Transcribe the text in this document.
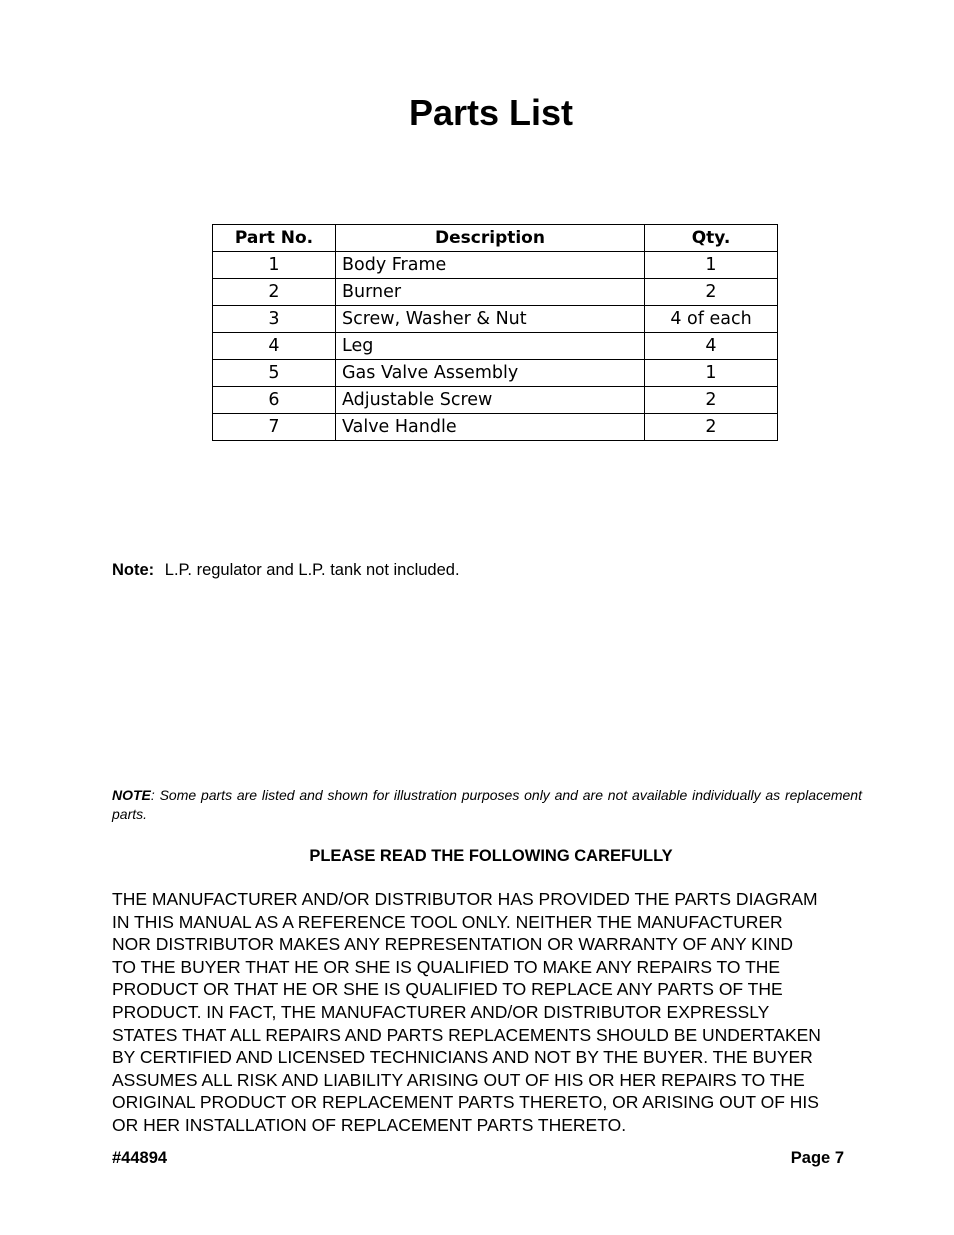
Parts List
Part No.	Description	Qty.
1	Body Frame	1
2	Burner	2
3	Screw, Washer & Nut	4 of each
4	Leg	4
5	Gas Valve Assembly	1
6	Adjustable Screw	2
7	Valve Handle	2
Note: L.P. regulator and L.P. tank not included.
NOTE: Some parts are listed and shown for illustration purposes only and are not available individually as replacement parts.
PLEASE READ THE FOLLOWING CAREFULLY
THE MANUFACTURER AND/OR DISTRIBUTOR HAS PROVIDED THE PARTS DIAGRAM
IN THIS MANUAL AS A REFERENCE TOOL ONLY. NEITHER THE MANUFACTURER
NOR DISTRIBUTOR MAKES ANY REPRESENTATION OR WARRANTY OF ANY KIND
TO THE BUYER THAT HE OR SHE IS QUALIFIED TO MAKE ANY REPAIRS TO THE
PRODUCT OR THAT HE OR SHE IS QUALIFIED TO REPLACE ANY PARTS OF THE
PRODUCT. IN FACT, THE MANUFACTURER AND/OR DISTRIBUTOR EXPRESSLY
STATES THAT ALL REPAIRS AND PARTS REPLACEMENTS SHOULD BE UNDERTAKEN
BY CERTIFIED AND LICENSED TECHNICIANS AND NOT BY THE BUYER. THE BUYER
ASSUMES ALL RISK AND LIABILITY ARISING OUT OF HIS OR HER REPAIRS TO THE
ORIGINAL PRODUCT OR REPLACEMENT PARTS THERETO, OR ARISING OUT OF HIS
OR HER INSTALLATION OF REPLACEMENT PARTS THERETO.
#44894	Page 7
